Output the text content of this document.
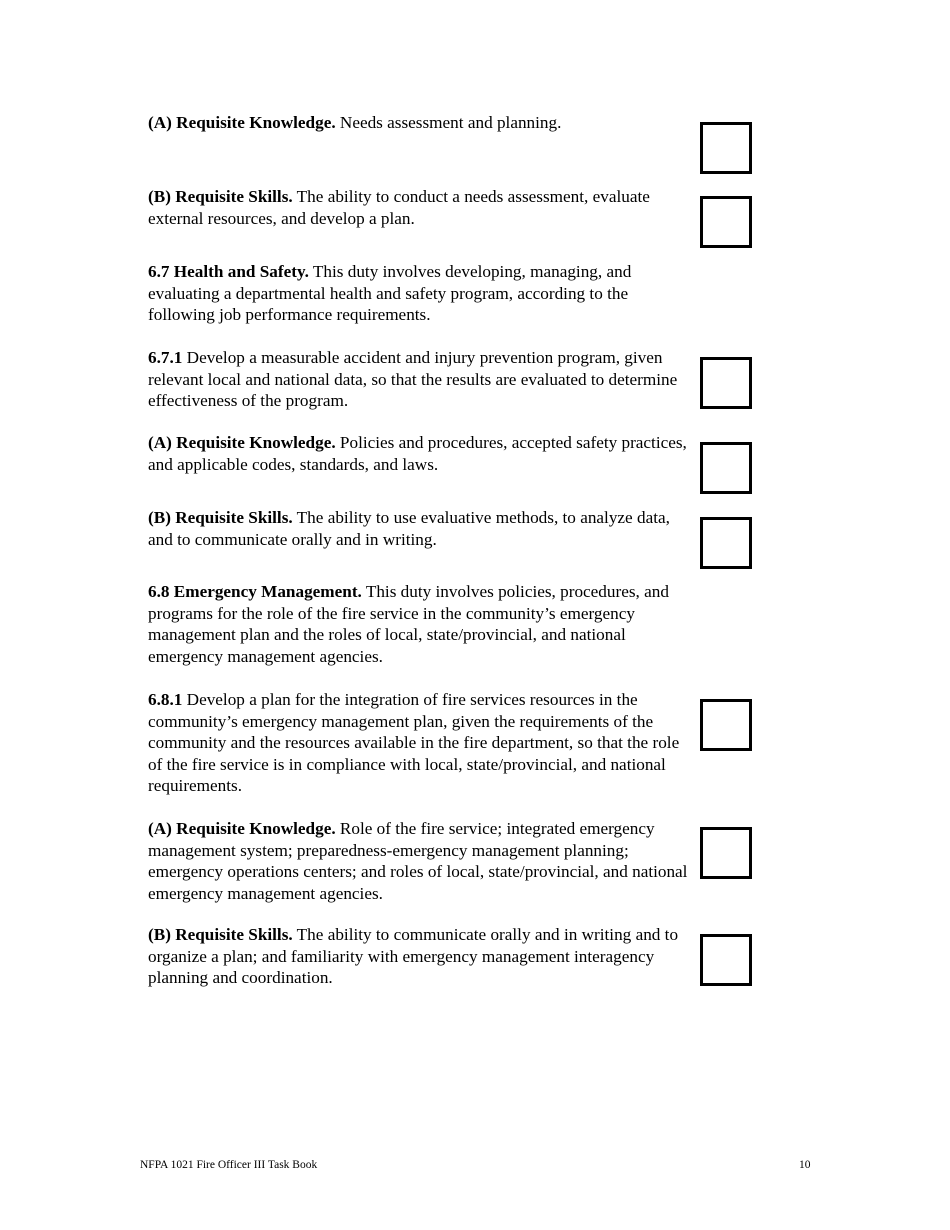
(A) Requisite Knowledge. Needs assessment and planning.

(B) Requisite Skills. The ability to conduct a needs assessment, evaluate external resources, and develop a plan.

6.7 Health and Safety. This duty involves developing, managing, and evaluating a departmental health and safety program, according to the following job performance requirements.

6.7.1 Develop a measurable accident and injury prevention program, given relevant local and national data, so that the results are evaluated to determine effectiveness of the program.

(A) Requisite Knowledge. Policies and procedures, accepted safety practices, and applicable codes, standards, and laws.

(B) Requisite Skills. The ability to use evaluative methods, to analyze data, and to communicate orally and in writing.

6.8 Emergency Management. This duty involves policies, procedures, and programs for the role of the fire service in the community’s emergency management plan and the roles of local, state/provincial, and national emergency management agencies.

6.8.1 Develop a plan for the integration of fire services resources in the community’s emergency management plan, given the requirements of the community and the resources available in the fire department, so that the role of the fire service is in compliance with local, state/provincial, and national requirements.

(A) Requisite Knowledge. Role of the fire service; integrated emergency management system; preparedness-emergency management planning; emergency operations centers; and roles of local, state/provincial, and national emergency management agencies.

(B) Requisite Skills. The ability to communicate orally and in writing and to organize a plan; and familiarity with emergency management interagency planning and coordination.

NFPA 1021 Fire Officer III Task Book	10
